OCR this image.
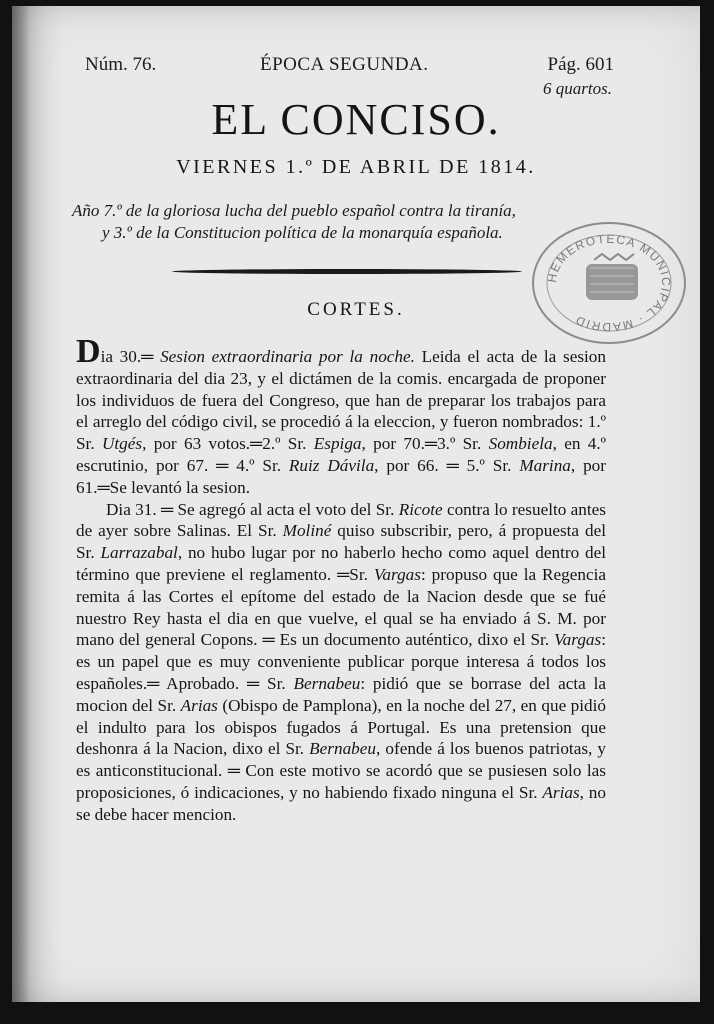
Núm. 76.	ÉPOCA SEGUNDA.	Pág. 601
6 quartos.
EL CONCISO.
VIERNES 1.º DE ABRIL DE 1814.
Año 7.º de la gloriosa lucha del pueblo español contra la tiranía,
y 3.º de la Constitucion política de la monarquía española.
CORTES.
HEMEROTECA MUNICIPAL · MADRID

Dia 30.═ Sesion extraordinaria por la noche. Leida el acta de la sesion extraordinaria del dia 23, y el dictámen de la comis. encargada de proponer los individuos de fuera del Congreso, que han de preparar los trabajos para el arreglo del código civil, se procedió á la eleccion, y fueron nombrados: 1.º Sr. Utgés, por 63 votos.═2.º Sr. Espiga, por 70.═3.º Sr. Sombiela, en 4.º escrutinio, por 67. ═ 4.º Sr. Ruiz Dávila, por 66. ═ 5.º Sr. Marina, por 61.═Se levantó la sesion.

Dia 31. ═ Se agregó al acta el voto del Sr. Ricote contra lo resuelto antes de ayer sobre Salinas. El Sr. Moliné quiso subscribir, pero, á propuesta del Sr. Larrazabal, no hubo lugar por no haberlo hecho como aquel dentro del término que previene el reglamento. ═Sr. Vargas: propuso que la Regencia remita á las Cortes el epítome del estado de la Nacion desde que se fué nuestro Rey hasta el dia en que vuelve, el qual se ha enviado á S. M. por mano del general Copons. ═ Es un documento auténtico, dixo el Sr. Vargas: es un papel que es muy conveniente publicar porque interesa á todos los españoles.═ Aprobado. ═ Sr. Bernabeu: pidió que se borrase del acta la mocion del Sr. Arias (Obispo de Pamplona), en la noche del 27, en que pidió el indulto para los obispos fugados á Portugal. Es una pretension que deshonra á la Nacion, dixo el Sr. Bernabeu, ofende á los buenos patriotas, y es anticonstitucional. ═ Con este motivo se acordó que se pusiesen solo las proposiciones, ó indicaciones, y no habiendo fixado ninguna el Sr. Arias, no se debe hacer mencion.
